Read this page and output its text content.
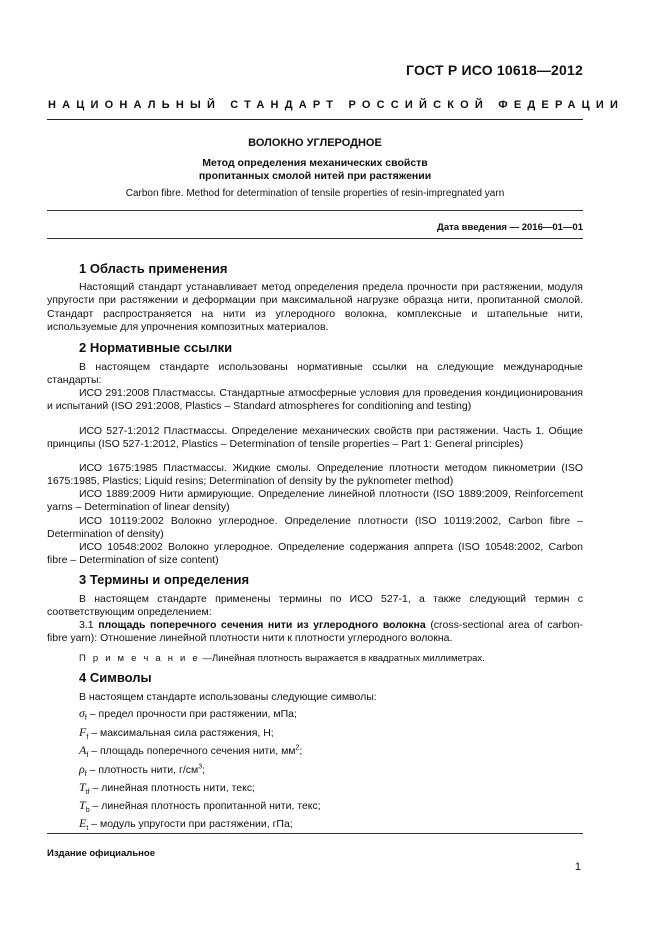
ГОСТ Р ИСО 10618—2012
НАЦИОНАЛЬНЫЙ СТАНДАРТ РОССИЙСКОЙ ФЕДЕРАЦИИ
ВОЛОКНО УГЛЕРОДНОЕ
Метод определения механических свойств
пропитанных смолой нитей при растяжении
Carbon fibre. Method for determination of tensile properties of resin-impregnated yarn
Дата введения — 2016—01—01
1 Область применения

Настоящий стандарт устанавливает метод определения предела прочности при растяжении, модуля упругости при растяжении и деформации при максимальной нагрузке образца нити, пропитанной смолой. Стандарт распространяется на нити из углеродного волокна, комплексные и штапельные нити, используемые для упрочнения композитных материалов.

2 Нормативные ссылки

В настоящем стандарте использованы нормативные ссылки на следующие международные стандарты:

ИСО 291:2008 Пластмассы. Стандартные атмосферные условия для проведения кондиционирования и испытаний (ISO 291:2008, Plastics – Standard atmospheres for conditioning and testing)

ИСО 527-1:2012 Пластмассы. Определение механических свойств при растяжении. Часть 1. Общие принципы (ISO 527-1:2012, Plastics – Determination of tensile properties – Part 1: General principles)

ИСО 1675:1985 Пластмассы. Жидкие смолы. Определение плотности методом пикнометрии (ISO 1675:1985, Plastics; Liquid resins; Determination of density by the pyknometer method)

ИСО 1889:2009 Нити армирующие. Определение линейной плотности (ISO 1889:2009, Reinforcement yarns – Determination of linear density)

ИСО 10119:2002 Волокно углеродное. Определение плотности (ISO 10119:2002, Carbon fibre – Determination of density)

ИСО 10548:2002 Волокно углеродное. Определение содержания аппрета (ISO 10548:2002, Carbon fibre – Determination of size content)

3 Термины и определения

В настоящем стандарте применены термины по ИСО 527-1, а также следующий термин с соответствующим определением:

3.1 площадь поперечного сечения нити из углеродного волокна (cross-sectional area of carbon-fibre yarn): Отношение линейной плотности нити к плотности углеродного волокна.

П р и м е ч а н и е —Линейная плотность выражается в квадратных миллиметрах.
4 Символы

В настоящем стандарте использованы следующие символы:

$\sigma_f$ – предел прочности при растяжении, мПа;
$F_f$ – максимальная сила растяжения, Н;
$A_f$ – площадь поперечного сечения нити, $мм^2$;
$\rho_f$ – плотность нити, $г/см^3$;
$T_{tf}$ – линейная плотность нити, текс;
$T_b$ – линейная плотность пропитанной нити, текс;
$E_t$ – модуль упругости при растяжении, гПа;
Издание официальное
1
